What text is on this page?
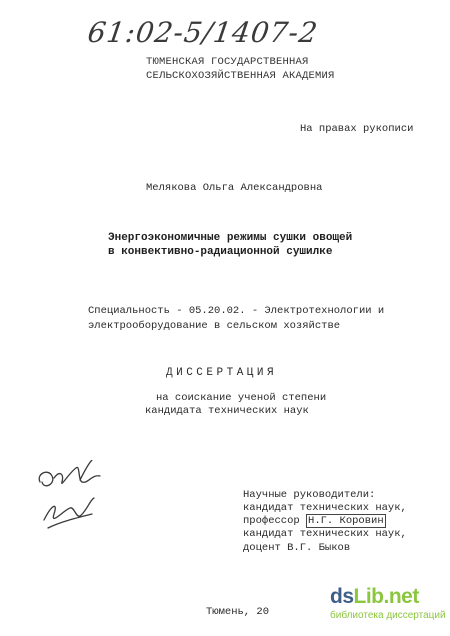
61:02-5/1407-2
ТЮМЕНСКАЯ ГОСУДАРСТВЕННАЯ
СЕЛЬСКОХОЗЯЙСТВЕННАЯ АКАДЕМИЯ
На правах рукописи
Мелякова Ольга Александровна
Энергоэкономичные режимы сушки овощей
в конвективно-радиационной сушилке
Специальность - 05.20.02. - Электротехнологии и
электрооборудование в сельском хозяйстве
ДИССЕРТАЦИЯ
на соискание ученой степени
кандидата технических наук
Научные руководители:
кандидат технических наук,
профессор Н.Г. Коровин
кандидат технических наук,
доцент В.Г. Быков
Тюмень, 20
ds Lib.net
библиотека диссертаций
